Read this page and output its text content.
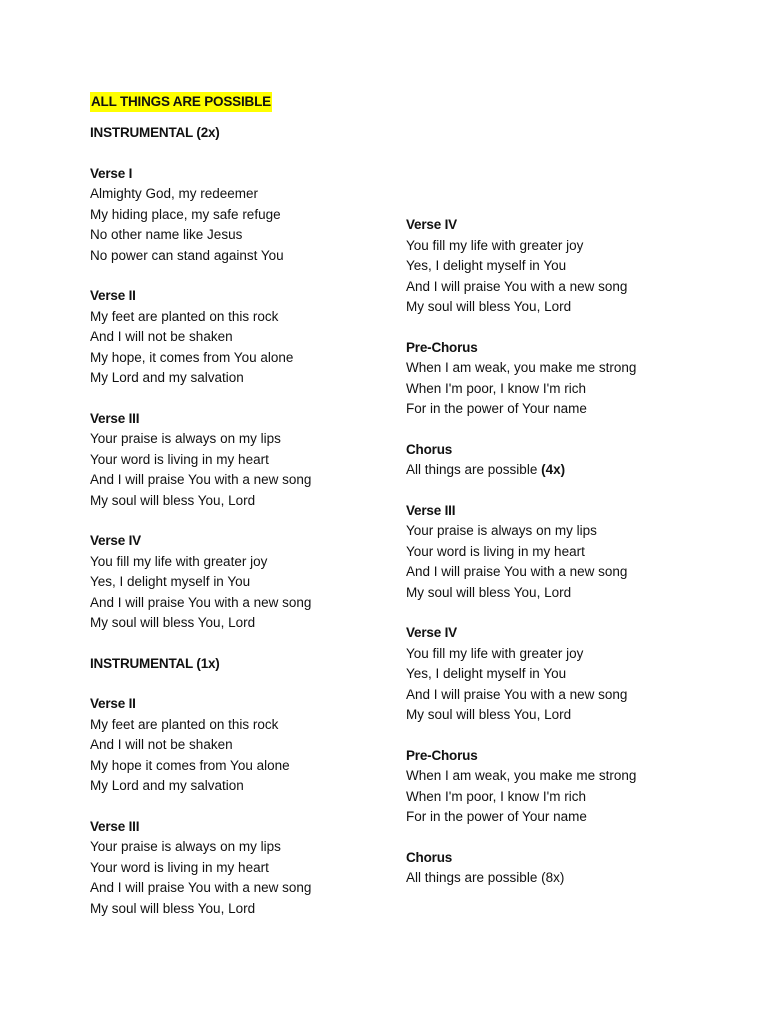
ALL THINGS ARE POSSIBLE
INSTRUMENTAL (2x)
Verse I
Almighty God, my redeemer
My hiding place, my safe refuge
No other name like Jesus
No power can stand against You
Verse II
My feet are planted on this rock
And I will not be shaken
My hope, it comes from You alone
My Lord and my salvation
Verse III
Your praise is always on my lips
Your word is living in my heart
And I will praise You with a new song
My soul will bless You, Lord
Verse IV
You fill my life with greater joy
Yes, I delight myself in You
And I will praise You with a new song
My soul will bless You, Lord
INSTRUMENTAL (1x)
Verse II
My feet are planted on this rock
And I will not be shaken
My hope it comes from You alone
My Lord and my salvation
Verse III
Your praise is always on my lips
Your word is living in my heart
And I will praise You with a new song
My soul will bless You, Lord
Verse IV
You fill my life with greater joy
Yes, I delight myself in You
And I will praise You with a new song
My soul will bless You, Lord
Pre-Chorus
When I am weak, you make me strong
When I'm poor, I know I'm rich
For in the power of Your name
Chorus
All things are possible (4x)
Verse III
Your praise is always on my lips
Your word is living in my heart
And I will praise You with a new song
My soul will bless You, Lord
Verse IV
You fill my life with greater joy
Yes, I delight myself in You
And I will praise You with a new song
My soul will bless You, Lord
Pre-Chorus
When I am weak, you make me strong
When I'm poor, I know I'm rich
For in the power of Your name
Chorus
All things are possible (8x)
